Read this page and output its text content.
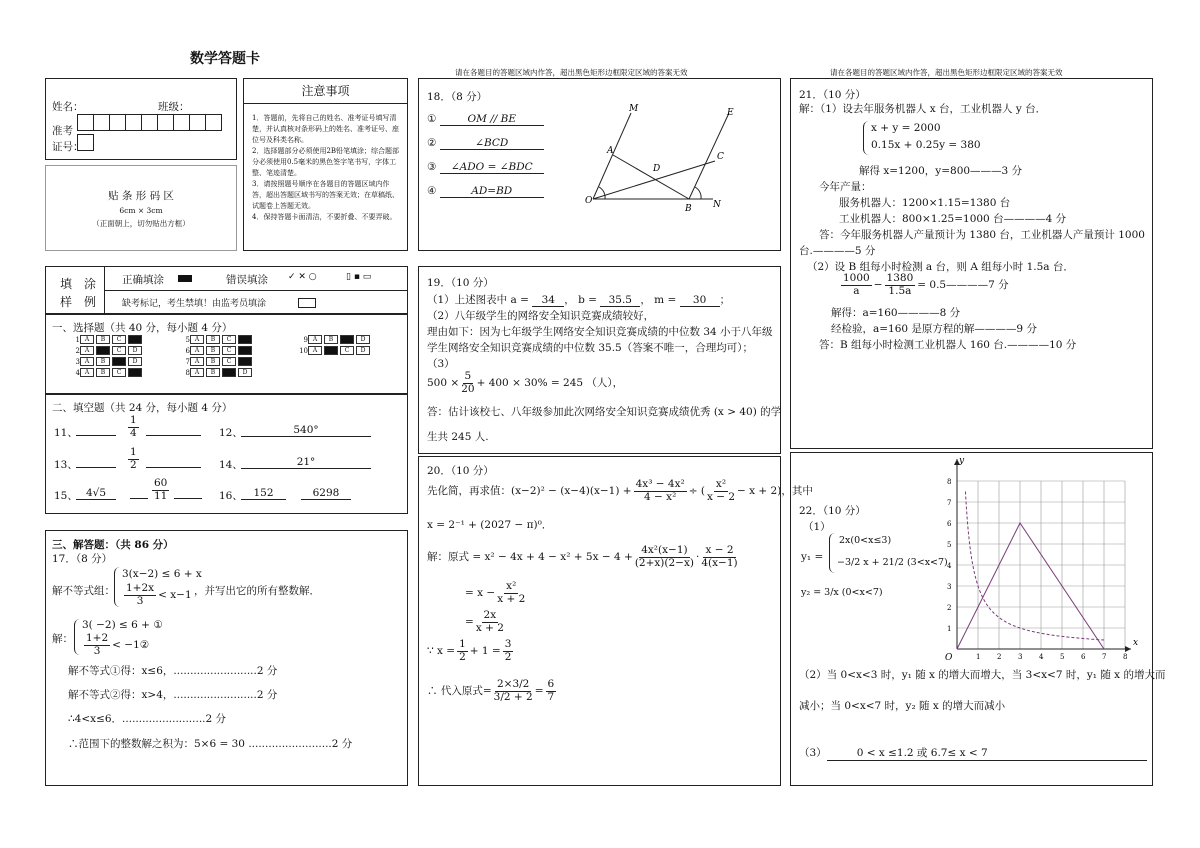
数学答题卡
请在各题目的答题区域内作答，超出黑色矩形边框限定区域的答案无效	请在各题目的答题区域内作答，超出黑色矩形边框限定区域的答案无效
姓名：	班级：
准考
证号：
贴 条 形 码 区
6cm × 3cm
（正面朝上，切勿贴出方框）
注意事项
1．答题前，先将自己的姓名、准考证号填写清楚，并认真核对条形码上的姓名、准考证号、座位号及科类名称。
2．选择题部分必须使用2B铅笔填涂；综合题部分必须使用0.5毫米的黑色签字笔书写，字体工整、笔迹清楚。
3．请按照题号顺序在各题目的答题区域内作答，超出答题区域书写的答案无效；在草稿纸、试题卷上答题无效。
4．保持答题卡面清洁，不要折叠、不要弄破。
填　涂
样　例
正确填涂	错误填涂 ✓ ✕ ○	▯ ▪ ▭
缺考标记，考生禁填！由监考员填涂
一、选择题（共 40 分，每小题 4 分）
1A B C D
2A B C D
3A B C D
4A B C D
5A B C D
6A B C D
7A B C D
8A B C D
9A B C D
10A B C D
二、填空题（共 24 分，每小题 4 分）
11、	$\frac{1}{4}$	12、	540°
13、	$\frac{1}{2}$	14、	21°
15、 4√5	$\frac{60}{11}$	16、	152	6298
三、解答题：（共 86 分）
17．（8 分）
解不等式组：
3(x−2) ≤ 6 + x
$\frac{1+2x}{3} < x-1$ ，并写出它的所有整数解．
解：
3( −2) ≤ 6 + ①
$\frac{1+2}{3}$ < −1②
解不等式①得：x≤6，.........................2 分
解不等式②得：x>4，.........................2 分
∴4<x≤6．.........................2 分
∴范围下的整数解之积为：5×6 = 30 .........................2 分
18．（8 分）
①	OM // BE
②	∠BCD
③ ∠ADO = ∠BDC
④	AD=BD
O
M
A
D
E
C
B N
19．（10 分）
（1）上述图表中 a = 34 ， b = 35.5 ， m = 30 ；
（2）八年级学生的网络安全知识竞赛成绩较好，
理由如下：因为七年级学生网络安全知识竞赛成绩的中位数 34 小于八年级
学生网络安全知识竞赛成绩的中位数 35.5（答案不唯一，合理均可）；
（3）
$500 \times \frac{5}{20} + 400 \times 30\% = 245$ （人），
答：估计该校七、八年级参加此次网络安全知识竞赛成绩优秀 (x > 40) 的学
生共 245 人.
20．（10 分）
先化简，再求值：$(x-2)^2 - (x-4)(x-1) + \frac{\text{4x³ − 4x²}}{\text{4 − x²}}$ ÷ ( $\frac{\text{x²}}{x - 2} - x + 2$)，其中
x = 2⁻¹ + (2027 − π)⁰．
解：原式 = $x^2 - 4x + 4 - x^2 + 5x - 4 + \frac{\text{4x²(x−1)}}{(2+x)(2-x)} \cdot \frac{x - 2}{4(x-1)}$
= $x - \frac{\text{x²}}{x + 2}$
= $\frac{2x}{x + 2}$
∵ $x = \frac{1}{2} + 1 = \frac{3}{2}$
∴ 代入原式= $\frac{2\times 3/2}{3/2 + 2} = \frac{6}{7}$
21．（10 分）
解：（1）设去年服务机器人 x 台，工业机器人 y 台．
x + y = 2000
0.15x + 0.25y = 380
解得 x=1200，y=800———3 分
今年产量：
服务机器人：1200×1.15=1380 台
工业机器人：800×1.25=1000 台————4 分
答：今年服务机器人产量预计为 1380 台，工业机器人产量预计 1000
台.————5 分
（2）设 B 组每小时检测 a 台，则 A 组每小时 1.5a 台．
$\frac{1000}{a} - \frac{1380}{1.5a}$ = 0.5————7 分
解得：a=160————8 分
经检验，a=160 是原方程的解————9 分
答：B 组每小时检测工业机器人 160 台.————10 分
22．（10 分）
（1）
y₁ =
2x(0<x≤3)
−3/2 x + 21/2 (3<x<7)
y₂ = 3/x (0<x<7)
x
y
O	1
1
2
2
3
3
4
4
5
5
6
6
7
7
8
8
（2）当 0<x<3 时，y₁ 随 x 的增大而增大，当 3<x<7 时，y₁ 随 x 的增大而
减小；当 0<x<7 时，y₂ 随 x 的增大而减小
（3）	0 < x ≤1.2 或 6.7≤ x < 7
